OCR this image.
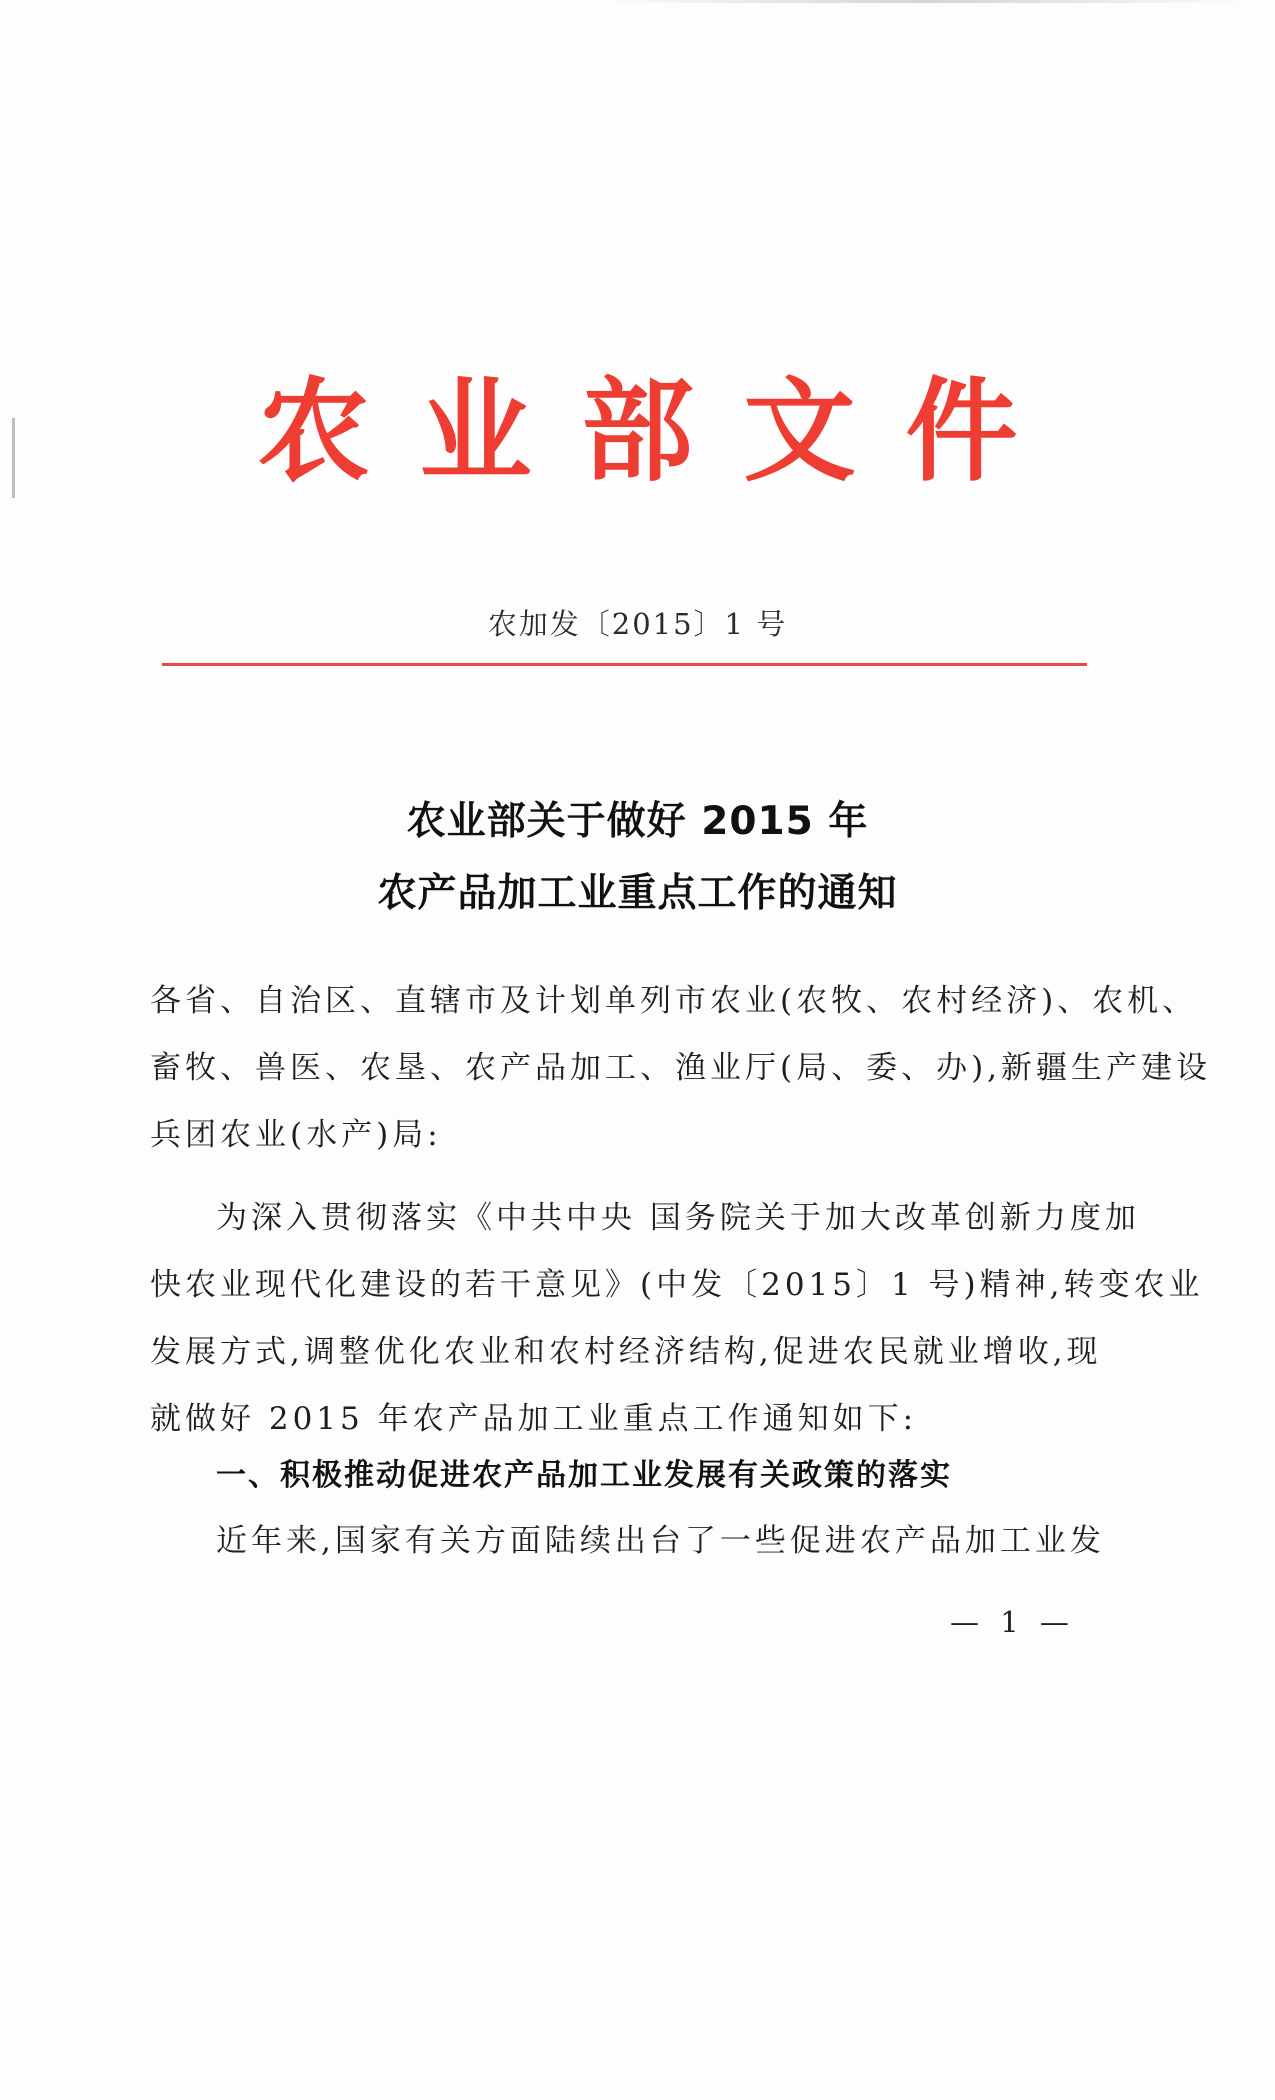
农业部文件
农加发〔2015〕1 号
农业部关于做好 2015 年
农产品加工业重点工作的通知
各省、自治区、直辖市及计划单列市农业(农牧、农村经济)、农机、
畜牧、兽医、农垦、农产品加工、渔业厅(局、委、办),新疆生产建设
兵团农业(水产)局:
为深入贯彻落实《中共中央 国务院关于加大改革创新力度加
快农业现代化建设的若干意见》(中发〔2015〕1 号)精神,转变农业
发展方式,调整优化农业和农村经济结构,促进农民就业增收,现
就做好 2015 年农产品加工业重点工作通知如下:
一、积极推动促进农产品加工业发展有关政策的落实
近年来,国家有关方面陆续出台了一些促进农产品加工业发
— 1 —
